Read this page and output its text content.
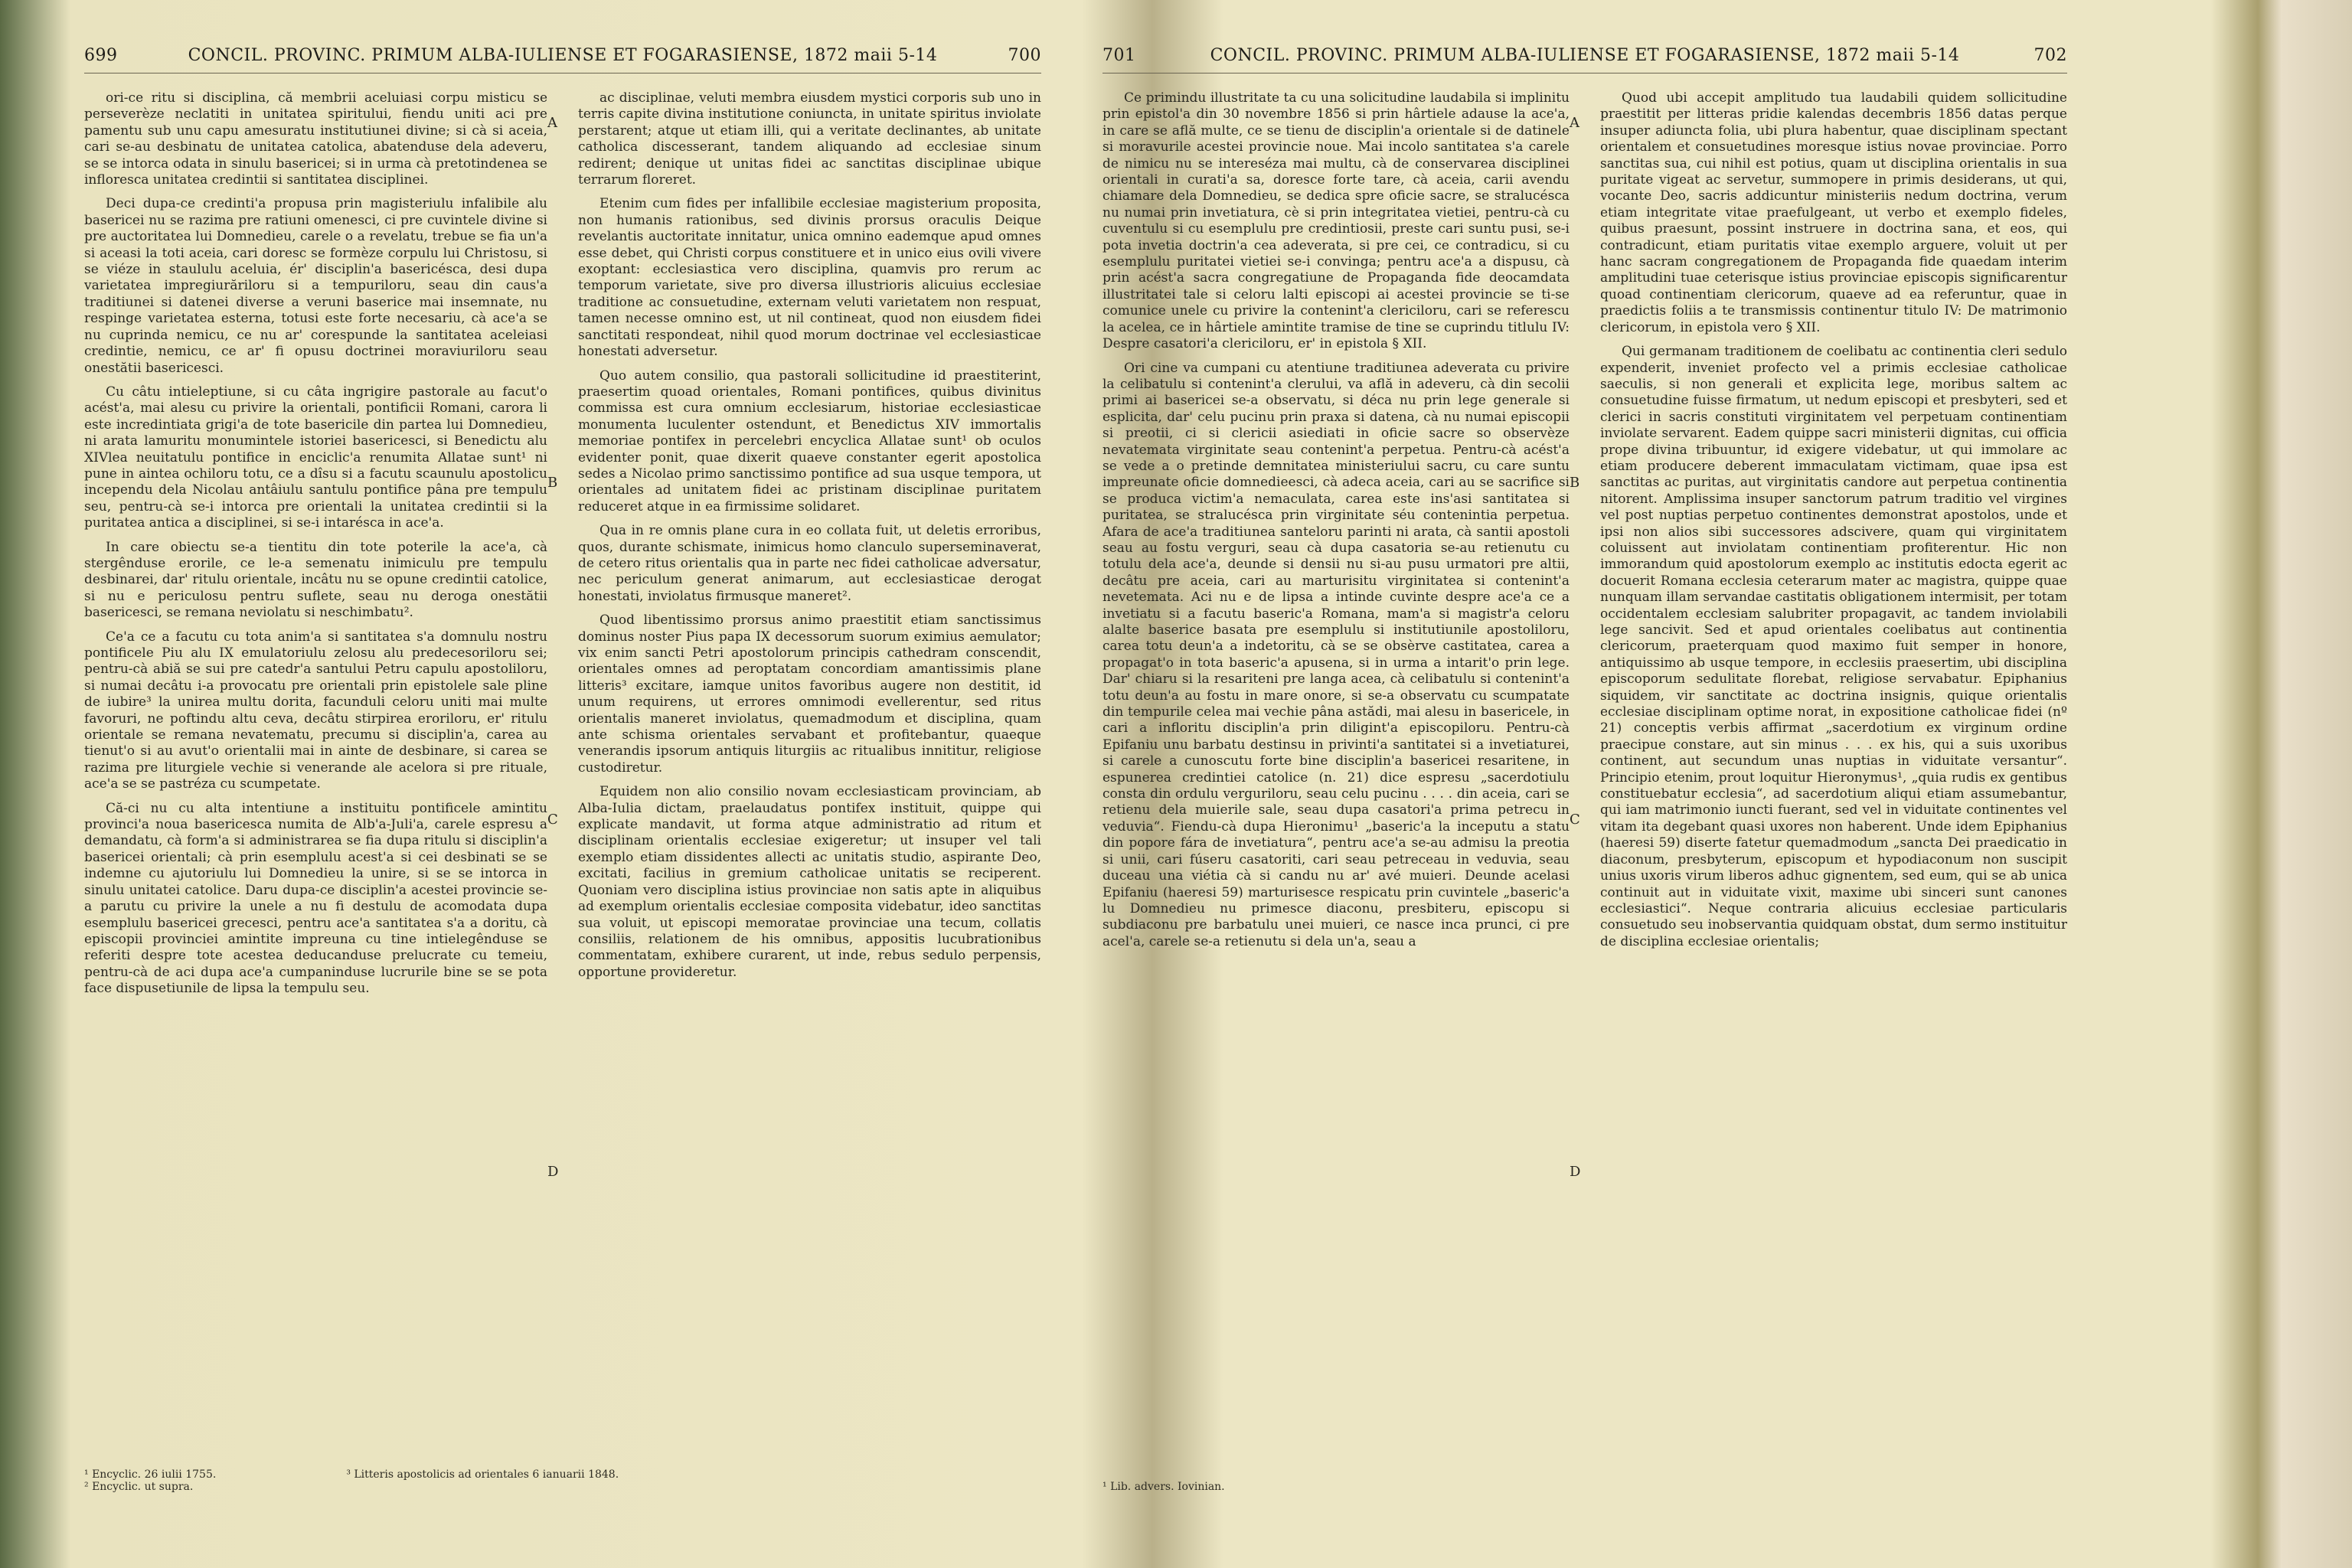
699	CONCIL. PROVINC. PRIMUM ALBA-IULIENSE ET FOGARASIENSE, 1872 maii 5-14	700

ori-ce ritu si disciplina, că membrii aceluiasi corpu misticu se perseverèze neclatiti in unitatea spiritului, fiendu uniti aci pre pamentu sub unu capu amesuratu institutiunei divine; si cà si aceia, cari se-au desbinatu de unitatea catolica, abatenduse dela adeveru, se se intorca odata in sinulu basericei; si in urma cà pretotindenea se infloresca unitatea credintii si santitatea disciplinei.

Deci dupa-ce credinti'a propusa prin magisteriulu infalibile alu basericei nu se razima pre ratiuni omenesci, ci pre cuvintele divine si pre auctoritatea lui Domnedieu, carele o a revelatu, trebue se fia un'a si aceasi la toti aceia, cari doresc se formèze corpulu lui Christosu, si se viéze in staululu aceluia, ér' disciplin'a basericésca, desi dupa varietatea impregiurăriloru si a tempuriloru, seau din caus'a traditiunei si datenei diverse a veruni baserice mai insemnate, nu respinge varietatea esterna, totusi este forte necesariu, cà ace'a se nu cuprinda nemicu, ce nu ar' corespunde la santitatea aceleiasi credintie, nemicu, ce ar' fi opusu doctrinei moraviuriloru seau onestătii basericesci.

Cu câtu intieleptiune, si cu câta ingrigire pastorale au facut'o acést'a, mai alesu cu privire la orientali, pontificii Romani, carora li este incredintiata grigi'a de tote basericile din partea lui Domnedieu, ni arata lamuritu monumintele istoriei basericesci, si Benedictu alu XIVlea neuitatulu pontifice in enciclic'a renumita Allatae sunt¹ ni pune in aintea ochiloru totu, ce a dîsu si a facutu scaunulu apostolicu incependu dela Nicolau antâiulu santulu pontifice pâna pre tempulu seu, pentru-cà se-i intorca pre orientali la unitatea credintii si la puritatea antica a disciplinei, si se-i intarésca in ace'a.

In care obiectu se-a tientitu din tote poterile la ace'a, cà stergênduse erorile, ce le-a semenatu inimiculu pre tempulu desbinarei, dar' ritulu orientale, incâtu nu se opune credintii catolice, si nu e periculosu pentru suflete, seau nu deroga onestătii basericesci, se remana neviolatu si neschimbatu².

Ce'a ce a facutu cu tota anim'a si santitatea s'a domnulu nostru pontificele Piu alu IX emulatoriulu zelosu alu predecesoriloru sei; pentru-cà abiă se sui pre catedr'a santului Petru capulu apostoliloru, si numai decâtu i-a provocatu pre orientali prin epistolele sale pline de iubire³ la unirea multu dorita, facunduli celoru uniti mai multe favoruri, ne poftindu altu ceva, decâtu stirpirea eroriloru, er' ritulu orientale se remana nevatematu, precumu si disciplin'a, carea au tienut'o si au avut'o orientalii mai in ainte de desbinare, si carea se razima pre liturgiele vechie si venerande ale acelora si pre rituale, ace'a se se pastréza cu scumpetate.

Că-ci nu cu alta intentiune a instituitu pontificele amintitu provinci'a noua basericesca numita de Alb'a-Juli'a, carele espresu a demandatu, cà form'a si administrarea se fia dupa ritulu si disciplin'a basericei orientali; cà prin esemplulu acest'a si cei desbinati se se indemne cu ajutoriulu lui Domnedieu la unire, si se se intorca in sinulu unitatei catolice. Daru dupa-ce disciplin'a acestei provincie se-a parutu cu privire la unele a nu fi destulu de acomodata dupa esemplulu basericei grecesci, pentru ace'a santitatea s'a a doritu, cà episcopii provinciei amintite impreuna cu tine intielegênduse se referiti despre tote acestea deducanduse prelucrate cu temeiu, pentru-cà de aci dupa ace'a cumpaninduse lucrurile bine se se pota face dispusetiunile de lipsa la tempulu seu.

ac disciplinae, veluti membra eiusdem mystici corporis sub uno in terris capite divina institutione coniuncta, in unitate spiritus inviolate perstarent; atque ut etiam illi, qui a veritate declinantes, ab unitate catholica discesserant, tandem aliquando ad ecclesiae sinum redirent; denique ut unitas fidei ac sanctitas disciplinae ubique terrarum floreret.

Etenim cum fides per infallibile ecclesiae magisterium proposita, non humanis rationibus, sed divinis prorsus oraculis Deique revelantis auctoritate innitatur, unica omnino eademque apud omnes esse debet, qui Christi corpus constituere et in unico eius ovili vivere exoptant: ecclesiastica vero disciplina, quamvis pro rerum ac temporum varietate, sive pro diversa illustrioris alicuius ecclesiae traditione ac consuetudine, externam veluti varietatem non respuat, tamen necesse omnino est, ut nil contineat, quod non eiusdem fidei sanctitati respondeat, nihil quod morum doctrinae vel ecclesiasticae honestati adversetur.

Quo autem consilio, qua pastorali sollicitudine id praestiterint, praesertim quoad orientales, Romani pontifices, quibus divinitus commissa est cura omnium ecclesiarum, historiae ecclesiasticae monumenta luculenter ostendunt, et Benedictus XIV immortalis memoriae pontifex in percelebri encyclica Allatae sunt¹ ob oculos evidenter ponit, quae dixerit quaeve constanter egerit apostolica sedes a Nicolao primo sanctissimo pontifice ad sua usque tempora, ut orientales ad unitatem fidei ac pristinam disciplinae puritatem reduceret atque in ea firmissime solidaret.

Qua in re omnis plane cura in eo collata fuit, ut deletis erroribus, quos, durante schismate, inimicus homo clanculo superseminaverat, de cetero ritus orientalis qua in parte nec fidei catholicae adversatur, nec periculum generat animarum, aut ecclesiasticae derogat honestati, inviolatus firmusque maneret².

Quod libentissimo prorsus animo praestitit etiam sanctissimus dominus noster Pius papa IX decessorum suorum eximius aemulator; vix enim sancti Petri apostolorum principis cathedram conscendit, orientales omnes ad peroptatam concordiam amantissimis plane litteris³ excitare, iamque unitos favoribus augere non destitit, id unum requirens, ut errores omnimodi evellerentur, sed ritus orientalis maneret inviolatus, quemadmodum et disciplina, quam ante schisma orientales servabant et profitebantur, quaeque venerandis ipsorum antiquis liturgiis ac ritualibus innititur, religiose custodiretur.

Equidem non alio consilio novam ecclesiasticam provinciam, ab Alba-Iulia dictam, praelaudatus pontifex instituit, quippe qui explicate mandavit, ut forma atque administratio ad ritum et disciplinam orientalis ecclesiae exigeretur; ut insuper vel tali exemplo etiam dissidentes allecti ac unitatis studio, aspirante Deo, excitati, facilius in gremium catholicae unitatis se reciperent. Quoniam vero disciplina istius provinciae non satis apte in aliquibus ad exemplum orientalis ecclesiae composita videbatur, ideo sanctitas sua voluit, ut episcopi memoratae provinciae una tecum, collatis consiliis, relationem de his omnibus, appositis lucubrationibus commentatam, exhibere curarent, ut inde, rebus sedulo perpensis, opportune provideretur.

A
B
C
D
¹ Encyclic. 26 iulii 1755.
² Encyclic. ut supra.
³ Litteris apostolicis ad orientales 6 ianuarii 1848.
701	CONCIL. PROVINC. PRIMUM ALBA-IULIENSE ET FOGARASIENSE, 1872 maii 5-14	702

Ce primindu illustritate ta cu una solicitudine laudabila si implinitu prin epistol'a din 30 novembre 1856 si prin hârtiele adause la ace'a, in care se află multe, ce se tienu de disciplin'a orientale si de datinele si moravurile acestei provincie noue. Mai incolo santitatea s'a carele de nimicu nu se intereséza mai multu, cà de conservarea disciplinei orientali in curati'a sa, doresce forte tare, cà aceia, carii avendu chiamare dela Domnedieu, se dedica spre oficie sacre, se stralucésca nu numai prin invetiatura, cè si prin integritatea vietiei, pentru-cà cu cuventulu si cu esemplulu pre credintiosii, preste cari suntu pusi, se-i pota invetia doctrin'a cea adeverata, si pre cei, ce contradicu, si cu esemplulu puritatei vietiei se-i convinga; pentru ace'a a dispusu, cà prin acést'a sacra congregatiune de Propaganda fide deocamdata illustritatei tale si celoru lalti episcopi ai acestei provincie se ti-se comunice unele cu privire la contenint'a clericiloru, cari se referescu la acelea, ce in hârtiele amintite tramise de tine se cuprindu titlulu IV: Despre casatori'a clericiloru, er' in epistola § XII.

Ori cine va cumpani cu atentiune traditiunea adeverata cu privire la celibatulu si contenint'a clerului, va află in adeveru, cà din secolii primi ai basericei se-a observatu, si déca nu prin lege generale si esplicita, dar' celu pucinu prin praxa si datena, cà nu numai episcopii si preotii, ci si clericii asiediati in oficie sacre so observèze nevatemata virginitate seau contenint'a perpetua. Pentru-cà acést'a se vede a o pretinde demnitatea ministeriului sacru, cu care suntu impreunate oficie domnedieesci, cà adeca aceia, cari au se sacrifice si se produca victim'a nemaculata, carea este ins'asi santitatea si puritatea, se stralucésca prin virginitate séu contenintia perpetua. Afara de ace'a traditiunea santeloru parinti ni arata, cà santii apostoli seau au fostu verguri, seau cà dupa casatoria se-au retienutu cu totulu dela ace'a, deunde si densii nu si-au pusu urmatori pre altii, decâtu pre aceia, cari au marturisitu virginitatea si contenint'a nevetemata. Aci nu e de lipsa a intinde cuvinte despre ace'a ce a invetiatu si a facutu baseric'a Romana, mam'a si magistr'a celoru alalte baserice basata pre esemplulu si institutiunile apostoliloru, carea totu deun'a a indetoritu, cà se se obsèrve castitatea, carea a propagat'o in tota baseric'a apusena, si in urma a intarit'o prin lege. Dar' chiaru si la resariteni pre langa acea, cà celibatulu si contenint'a totu deun'a au fostu in mare onore, si se-a observatu cu scumpatate din tempurile celea mai vechie pâna astădi, mai alesu in basericele, in cari a infloritu disciplin'a prin diligint'a episcopiloru. Pentru-cà Epifaniu unu barbatu destinsu in privinti'a santitatei si a invetiaturei, si carele a cunoscutu forte bine disciplin'a basericei resaritene, in espunerea credintiei catolice (n. 21) dice espresu „sacerdotiulu consta din ordulu verguriloru, seau celu pucinu . . . . din aceia, cari se retienu dela muierile sale, seau dupa casatori'a prima petrecu in veduvia“. Fiendu-cà dupa Hieronimu¹ „baseric'a la inceputu a statu din popore fára de invetiatura“, pentru ace'a se-au admisu la preotia si unii, cari fúseru casatoriti, cari seau petreceau in veduvia, seau duceau una viétia cà si candu nu ar' avé muieri. Deunde acelasi Epifaniu (haeresi 59) marturisesce respicatu prin cuvintele „baseric'a lu Domnedieu nu primesce diaconu, presbiteru, episcopu si subdiaconu pre barbatulu unei muieri, ce nasce inca prunci, ci pre acel'a, carele se-a retienutu si dela un'a, seau a

Quod ubi accepit amplitudo tua laudabili quidem sollicitudine praestitit per litteras pridie kalendas decembris 1856 datas perque insuper adiuncta folia, ubi plura habentur, quae disciplinam spectant orientalem et consuetudines moresque istius novae provinciae. Porro sanctitas sua, cui nihil est potius, quam ut disciplina orientalis in sua puritate vigeat ac servetur, summopere in primis desiderans, ut qui, vocante Deo, sacris addicuntur ministeriis nedum doctrina, verum etiam integritate vitae praefulgeant, ut verbo et exemplo fideles, quibus praesunt, possint instruere in doctrina sana, et eos, qui contradicunt, etiam puritatis vitae exemplo arguere, voluit ut per hanc sacram congregationem de Propaganda fide quaedam interim amplitudini tuae ceterisque istius provinciae episcopis significarentur quoad continentiam clericorum, quaeve ad ea referuntur, quae in praedictis foliis a te transmissis continentur titulo IV: De matrimonio clericorum, in epistola vero § XII.

Qui germanam traditionem de coelibatu ac continentia cleri sedulo expenderit, inveniet profecto vel a primis ecclesiae catholicae saeculis, si non generali et explicita lege, moribus saltem ac consuetudine fuisse firmatum, ut nedum episcopi et presbyteri, sed et clerici in sacris constituti virginitatem vel perpetuam continentiam inviolate servarent. Eadem quippe sacri ministerii dignitas, cui officia prope divina tribuuntur, id exigere videbatur, ut qui immolare ac etiam producere deberent immaculatam victimam, quae ipsa est sanctitas ac puritas, aut virginitatis candore aut perpetua continentia nitorent. Amplissima insuper sanctorum patrum traditio vel virgines vel post nuptias perpetuo continentes demonstrat apostolos, unde et ipsi non alios sibi successores adscivere, quam qui virginitatem coluissent aut inviolatam continentiam profiterentur. Hic non immorandum quid apostolorum exemplo ac institutis edocta egerit ac docuerit Romana ecclesia ceterarum mater ac magistra, quippe quae nunquam illam servandae castitatis obligationem intermisit, per totam occidentalem ecclesiam salubriter propagavit, ac tandem inviolabili lege sancivit. Sed et apud orientales coelibatus aut continentia clericorum, praeterquam quod maximo fuit semper in honore, antiquissimo ab usque tempore, in ecclesiis praesertim, ubi disciplina episcoporum sedulitate florebat, religiose servabatur. Epiphanius siquidem, vir sanctitate ac doctrina insignis, quique orientalis ecclesiae disciplinam optime norat, in expositione catholicae fidei (nº 21) conceptis verbis affirmat „sacerdotium ex virginum ordine praecipue constare, aut sin minus . . . ex his, qui a suis uxoribus continent, aut secundum unas nuptias in viduitate versantur“. Principio etenim, prout loquitur Hieronymus¹, „quia rudis ex gentibus constituebatur ecclesia“, ad sacerdotium aliqui etiam assumebantur, qui iam matrimonio iuncti fuerant, sed vel in viduitate continentes vel vitam ita degebant quasi uxores non haberent. Unde idem Epiphanius (haeresi 59) diserte fatetur quemadmodum „sancta Dei praedicatio in diaconum, presbyterum, episcopum et hypodiaconum non suscipit unius uxoris virum liberos adhuc gignentem, sed eum, qui se ab unica continuit aut in viduitate vixit, maxime ubi sinceri sunt canones ecclesiastici“. Neque contraria alicuius ecclesiae particularis consuetudo seu inobservantia quidquam obstat, dum sermo instituitur de disciplina ecclesiae orientalis;

A
B
C
D
¹ Lib. advers. Iovinian.
